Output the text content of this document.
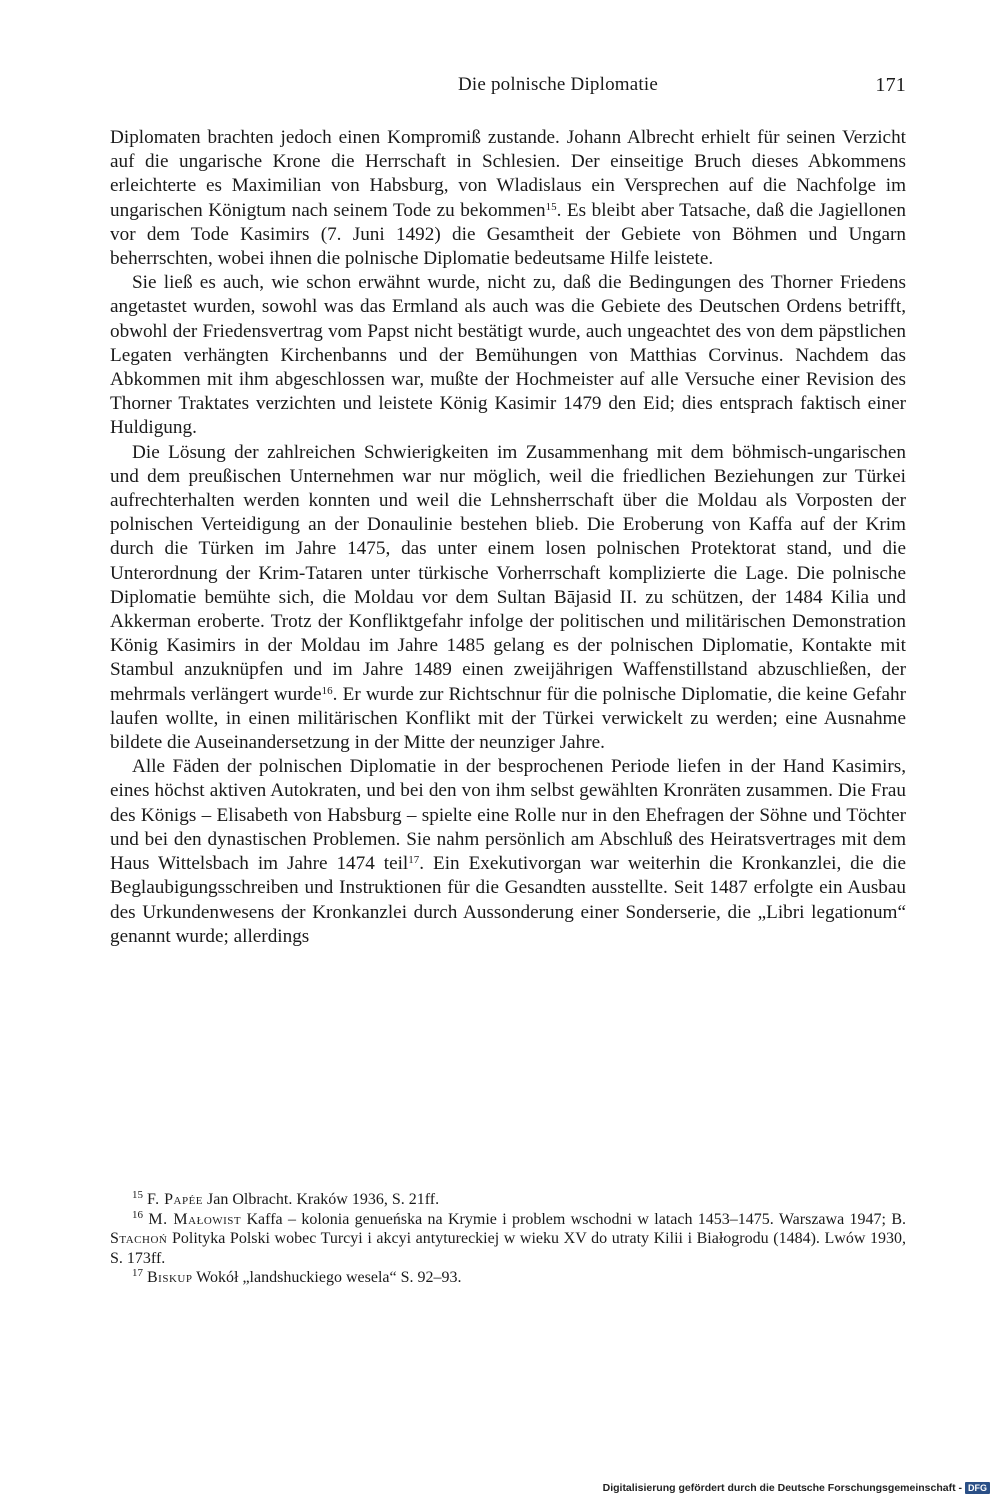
Die polnische Diplomatie	171

Diplomaten brachten jedoch einen Kompromiß zustande. Johann Albrecht erhielt für seinen Verzicht auf die ungarische Krone die Herrschaft in Schlesien. Der einseitige Bruch dieses Abkommens erleichterte es Maximilian von Habsburg, von Wladislaus ein Versprechen auf die Nachfolge im ungarischen Königtum nach seinem Tode zu bekommen$^{15}$. Es bleibt aber Tatsache, daß die Jagiellonen vor dem Tode Kasimirs (7. Juni 1492) die Gesamtheit der Gebiete von Böhmen und Ungarn beherrschten, wobei ihnen die polnische Diplomatie bedeutsame Hilfe leistete.

Sie ließ es auch, wie schon erwähnt wurde, nicht zu, daß die Bedingungen des Thorner Friedens angetastet wurden, sowohl was das Ermland als auch was die Gebiete des Deutschen Ordens betrifft, obwohl der Friedensvertrag vom Papst nicht bestätigt wurde, auch ungeachtet des von dem päpstlichen Legaten verhängten Kirchenbanns und der Bemühungen von Matthias Corvinus. Nachdem das Abkommen mit ihm abgeschlossen war, mußte der Hochmeister auf alle Versuche einer Revision des Thorner Traktates verzichten und leistete König Kasimir 1479 den Eid; dies entsprach faktisch einer Huldigung.

Die Lösung der zahlreichen Schwierigkeiten im Zusammenhang mit dem böhmisch-ungarischen und dem preußischen Unternehmen war nur möglich, weil die friedlichen Beziehungen zur Türkei aufrechterhalten werden konnten und weil die Lehnsherrschaft über die Moldau als Vorposten der polnischen Verteidigung an der Donaulinie bestehen blieb. Die Eroberung von Kaffa auf der Krim durch die Türken im Jahre 1475, das unter einem losen polnischen Protektorat stand, und die Unterordnung der Krim-Tataren unter türkische Vorherrschaft komplizierte die Lage. Die polnische Diplomatie bemühte sich, die Moldau vor dem Sultan Bājasid II. zu schützen, der 1484 Kilia und Akkerman eroberte. Trotz der Konfliktgefahr infolge der politischen und militärischen Demonstration König Kasimirs in der Moldau im Jahre 1485 gelang es der polnischen Diplomatie, Kontakte mit Stambul anzuknüpfen und im Jahre 1489 einen zweijährigen Waffenstillstand abzuschließen, der mehrmals verlängert wurde$^{16}$. Er wurde zur Richtschnur für die polnische Diplomatie, die keine Gefahr laufen wollte, in einen militärischen Konflikt mit der Türkei verwickelt zu werden; eine Ausnahme bildete die Auseinandersetzung in der Mitte der neunziger Jahre.

Alle Fäden der polnischen Diplomatie in der besprochenen Periode liefen in der Hand Kasimirs, eines höchst aktiven Autokraten, und bei den von ihm selbst gewählten Kronräten zusammen. Die Frau des Königs – Elisabeth von Habsburg – spielte eine Rolle nur in den Ehefragen der Söhne und Töchter und bei den dynastischen Problemen. Sie nahm persönlich am Abschluß des Heiratsvertrages mit dem Haus Wittelsbach im Jahre 1474 teil$^{17}$. Ein Exekutivorgan war weiterhin die Kronkanzlei, die die Beglaubigungsschreiben und Instruktionen für die Gesandten ausstellte. Seit 1487 erfolgte ein Ausbau des Urkundenwesens der Kronkanzlei durch Aussonderung einer Sonderserie, die „Libri legationum“ genannt wurde; allerdings

$^{15}$ F. Papée Jan Olbracht. Kraków 1936, S. 21ff.

$^{16}$ M. Małowist Kaffa – kolonia genueńska na Krymie i problem wschodni w latach 1453–1475. Warszawa 1947; B. Stachoń Polityka Polski wobec Turcyi i akcyi antytureckiej w wieku XV do utraty Kilii i Białogrodu (1484). Lwów 1930, S. 173ff.

$^{17}$ Biskup Wokół „landshuckiego wesela“ S. 92–93.

Digitalisierung gefördert durch die Deutsche Forschungsgemeinschaft - DFG
